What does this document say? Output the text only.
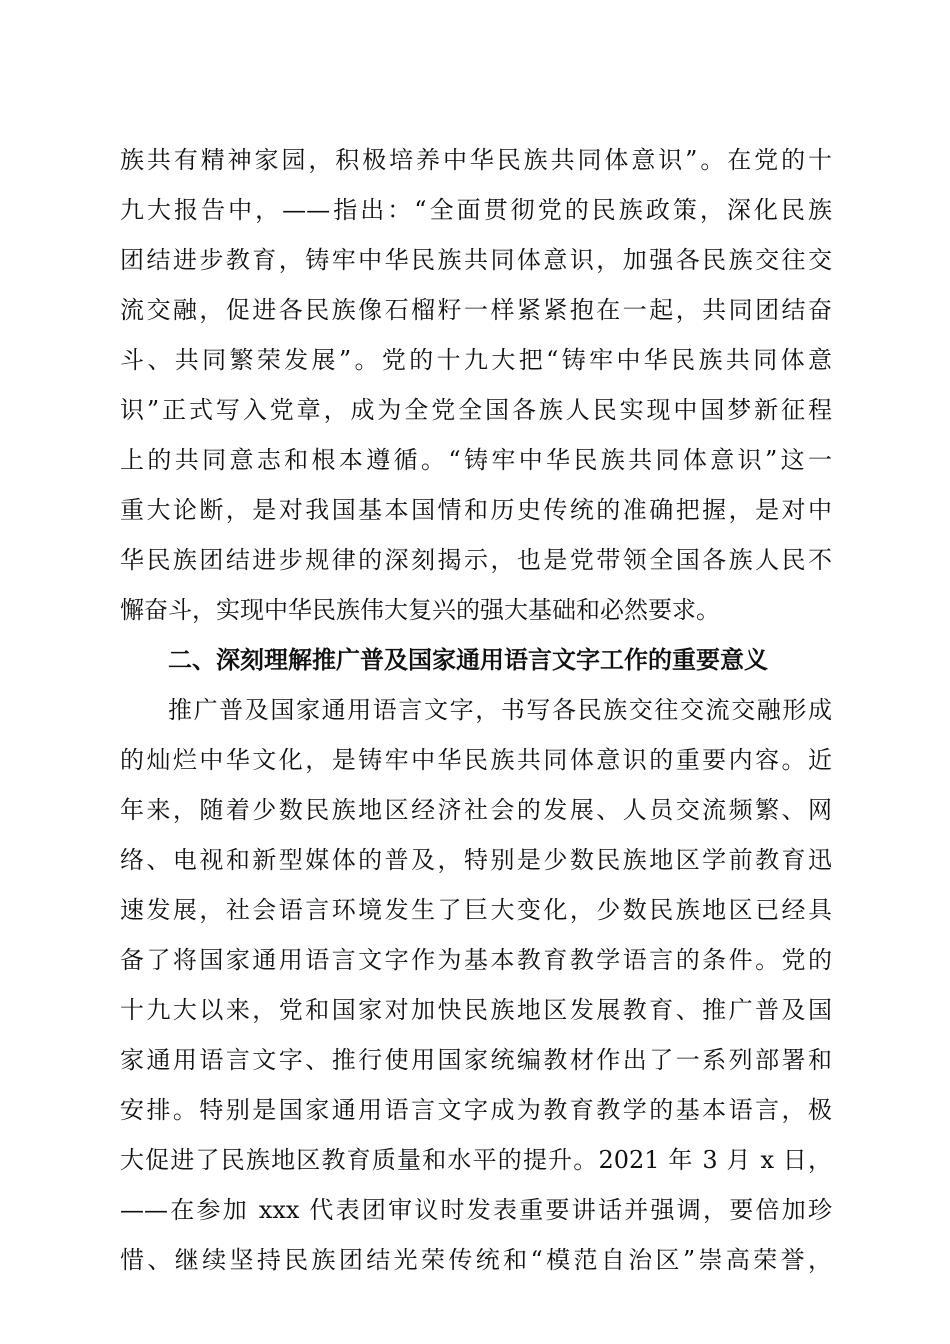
族共有精神家园，积极培养中华民族共同体意识”。在党的十
九大报告中，——指出：“全面贯彻党的民族政策，深化民族
团结进步教育，铸牢中华民族共同体意识，加强各民族交往交
流交融，促进各民族像石榴籽一样紧紧抱在一起，共同团结奋
斗、共同繁荣发展”。党的十九大把“铸牢中华民族共同体意
识”正式写入党章，成为全党全国各族人民实现中国梦新征程
上的共同意志和根本遵循。“铸牢中华民族共同体意识”这一
重大论断，是对我国基本国情和历史传统的准确把握，是对中
华民族团结进步规律的深刻揭示，也是党带领全国各族人民不
懈奋斗，实现中华民族伟大复兴的强大基础和必然要求。
二、深刻理解推广普及国家通用语言文字工作的重要意义
推广普及国家通用语言文字，书写各民族交往交流交融形成
的灿烂中华文化，是铸牢中华民族共同体意识的重要内容。近
年来，随着少数民族地区经济社会的发展、人员交流频繁、网
络、电视和新型媒体的普及，特别是少数民族地区学前教育迅
速发展，社会语言环境发生了巨大变化，少数民族地区已经具
备了将国家通用语言文字作为基本教育教学语言的条件。党的
十九大以来，党和国家对加快民族地区发展教育、推广普及国
家通用语言文字、推行使用国家统编教材作出了一系列部署和
安排。特别是国家通用语言文字成为教育教学的基本语言，极
大促进了民族地区教育质量和水平的提升。2021 年 3 月 x 日，
——在参加 xxx 代表团审议时发表重要讲话并强调，要倍加珍
惜、继续坚持民族团结光荣传统和“模范自治区”崇高荣誉，
